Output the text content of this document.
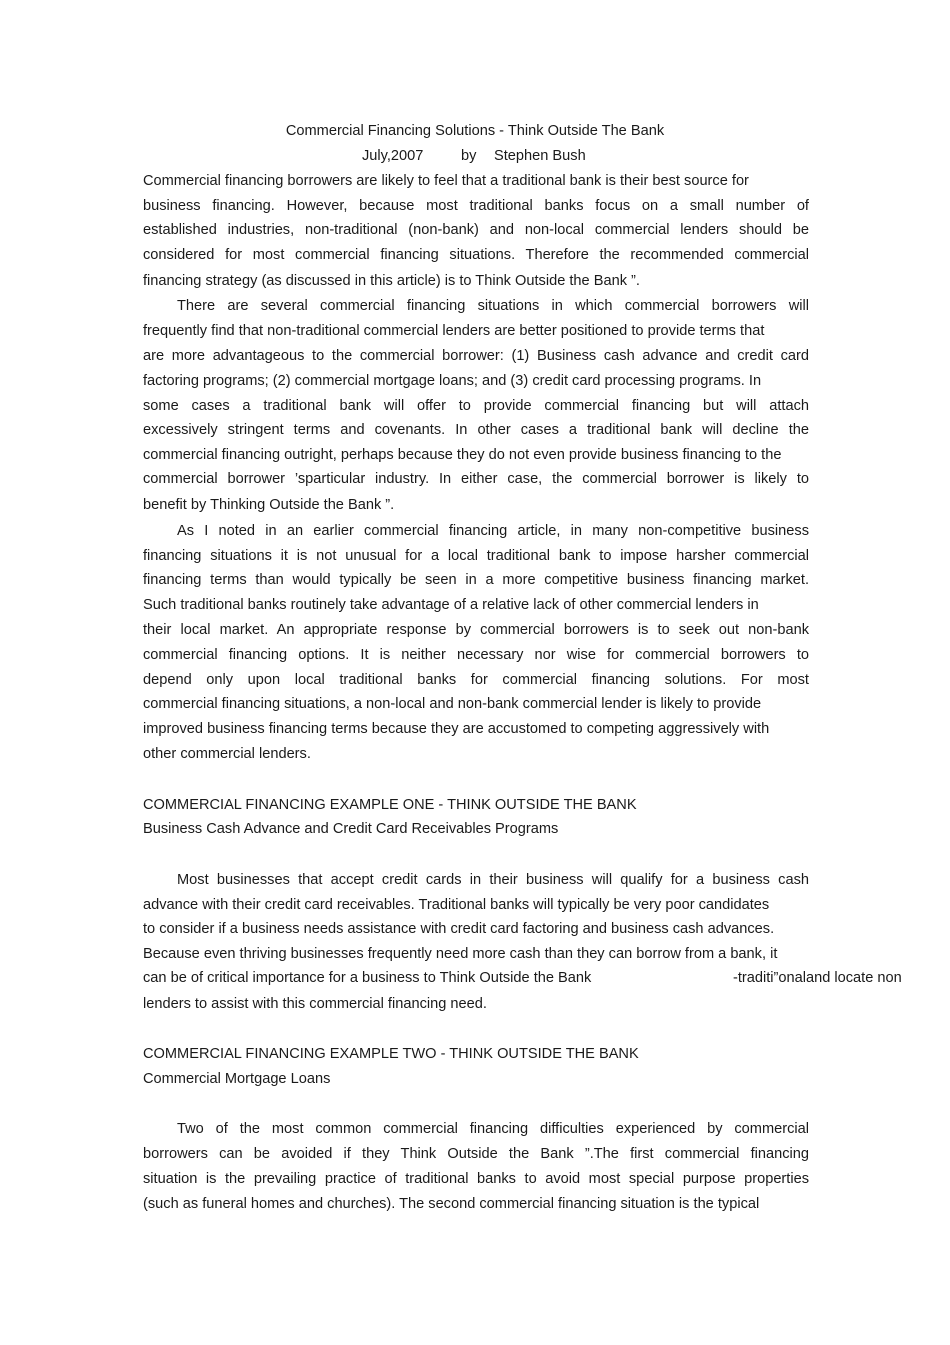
Commercial Financing Solutions - Think Outside The Bank
July,2007	by Stephen Bush
Commercial financing borrowers are likely to feel that a traditional bank is their best source for
business financing. However, because most traditional banks focus on a small number of
established industries, non-traditional (non-bank) and non-local commercial lenders should be
considered for most commercial financing situations. Therefore the recommended commercial
financing strategy (as discussed in this article) is to Think Outside the Bank ”.
There are several commercial financing situations in which commercial borrowers will
frequently find that non-traditional commercial lenders are better positioned to provide terms that
are more advantageous to the commercial borrower: (1) Business cash advance and credit card
factoring programs; (2) commercial mortgage loans; and (3) credit card processing programs. In
some cases a traditional bank will offer to provide commercial financing but will attach
excessively stringent terms and covenants. In other cases a traditional bank will decline the
commercial financing outright, perhaps because they do not even provide business financing to the
commercial borrower ’sparticular industry. In either case, the commercial borrower is likely to
benefit by Thinking Outside the Bank ”.
As I noted in an earlier commercial financing article, in many non-competitive business
financing situations it is not unusual for a local traditional bank to impose harsher commercial
financing terms than would typically be seen in a more competitive business financing market.
Such traditional banks routinely take advantage of a relative lack of other commercial lenders in
their local market. An appropriate response by commercial borrowers is to seek out non-bank
commercial financing options. It is neither necessary nor wise for commercial borrowers to
depend only upon local traditional banks for commercial financing solutions. For most
commercial financing situations, a non-local and non-bank commercial lender is likely to provide
improved business financing terms because they are accustomed to competing aggressively with
other commercial lenders.
COMMERCIAL FINANCING EXAMPLE ONE - THINK OUTSIDE THE BANK
Business Cash Advance and Credit Card Receivables Programs
Most businesses that accept credit cards in their business will qualify for a business cash
advance with their credit card receivables. Traditional banks will typically be very poor candidates
to consider if a business needs assistance with credit card factoring and business cash advances.
Because even thriving businesses frequently need more cash than they can borrow from a bank, it
can be of critical importance for a business to Think Outside the Bank	-traditi”onaland locate non
lenders to assist with this commercial financing need.
COMMERCIAL FINANCING EXAMPLE TWO - THINK OUTSIDE THE BANK
Commercial Mortgage Loans
Two of the most common commercial financing difficulties experienced by commercial
borrowers can be avoided if they Think Outside the Bank ”.The first commercial financing
situation is the prevailing practice of traditional banks to avoid most special purpose properties
(such as funeral homes and churches). The second commercial financing situation is the typical
